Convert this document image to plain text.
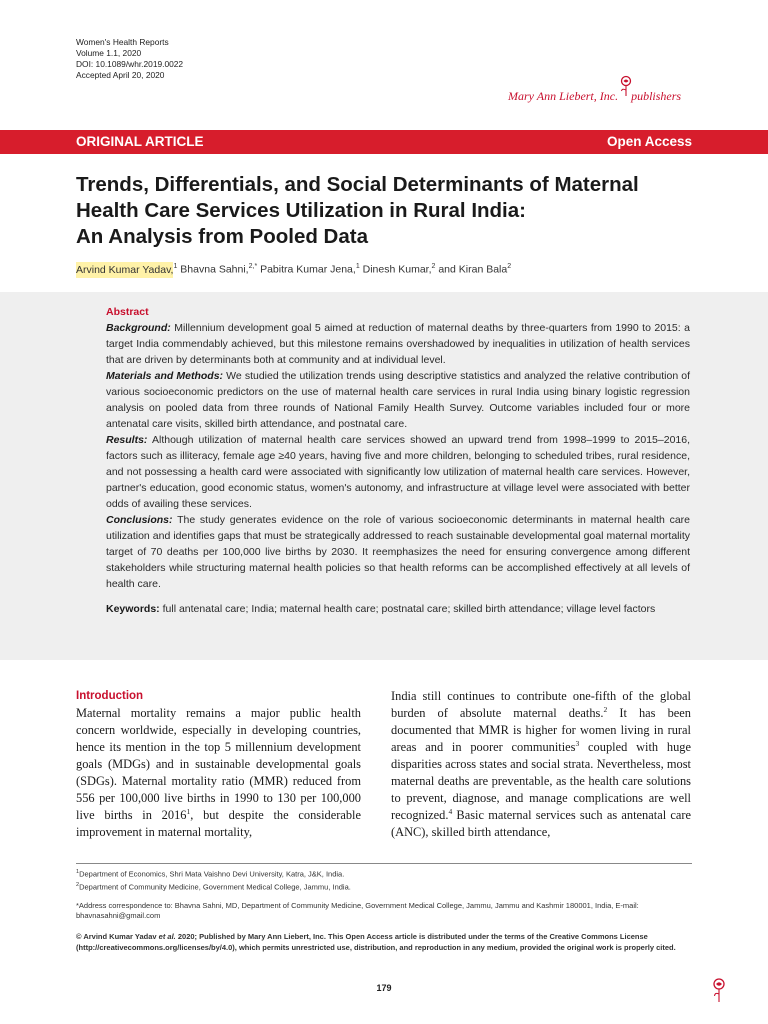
Women's Health Reports
Volume 1.1, 2020
DOI: 10.1089/whr.2019.0022
Accepted April 20, 2020
Mary Ann Liebert, Inc. publishers
ORIGINAL ARTICLE	Open Access
Trends, Differentials, and Social Determinants of Maternal
Health Care Services Utilization in Rural India:
An Analysis from Pooled Data
Arvind Kumar Yadav,$^1$ Bhavna Sahni,$^{2,*}$ Pabitra Kumar Jena,$^1$ Dinesh Kumar,$^2$ and Kiran Bala$^2$
Abstract

Background: Millennium development goal 5 aimed at reduction of maternal deaths by three-quarters from 1990 to 2015: a target India commendably achieved, but this milestone remains overshadowed by inequalities in utilization of health services that are driven by determinants both at community and at individual level.

Materials and Methods: We studied the utilization trends using descriptive statistics and analyzed the relative contribution of various socioeconomic predictors on the use of maternal health care services in rural India using binary logistic regression analysis on pooled data from three rounds of National Family Health Survey. Outcome variables included four or more antenatal care visits, skilled birth attendance, and postnatal care.

Results: Although utilization of maternal health care services showed an upward trend from 1998–1999 to 2015–2016, factors such as illiteracy, female age ≥40 years, having five and more children, belonging to scheduled tribes, rural residence, and not possessing a health card were associated with significantly low utilization of maternal health care services. However, partner's education, good economic status, women's autonomy, and infrastructure at village level were associated with better odds of availing these services.

Conclusions: The study generates evidence on the role of various socioeconomic determinants in maternal health care utilization and identifies gaps that must be strategically addressed to reach sustainable developmental goal maternal mortality target of 70 deaths per 100,000 live births by 2030. It reemphasizes the need for ensuring convergence among different stakeholders while structuring maternal health policies so that health reforms can be accomplished effectively at all levels of health care.

Keywords: full antenatal care; India; maternal health care; postnatal care; skilled birth attendance; village level factors

Introduction

Maternal mortality remains a major public health concern worldwide, especially in developing countries, hence its mention in the top 5 millennium development goals (MDGs) and in sustainable developmental goals (SDGs). Maternal mortality ratio (MMR) reduced from 556 per 100,000 live births in 1990 to 130 per 100,000 live births in 2016$^1$, but despite the considerable improvement in maternal mortality,

India still continues to contribute one-fifth of the global burden of absolute maternal deaths.$^2$ It has been documented that MMR is higher for women living in rural areas and in poorer communities$^3$ coupled with huge disparities across states and social strata. Nevertheless, most maternal deaths are preventable, as the health care solutions to prevent, diagnose, and manage complications are well recognized.$^4$ Basic maternal services such as antenatal care (ANC), skilled birth attendance,

$^1$Department of Economics, Shri Mata Vaishno Devi University, Katra, J&K, India.

$^2$Department of Community Medicine, Government Medical College, Jammu, India.

*Address correspondence to: Bhavna Sahni, MD, Department of Community Medicine, Government Medical College, Jammu, Jammu and Kashmir 180001, India, E-mail: bhavnasahni@gmail.com

© Arvind Kumar Yadav et al. 2020; Published by Mary Ann Liebert, Inc. This Open Access article is distributed under the terms of the Creative Commons License (http://creativecommons.org/licenses/by/4.0), which permits unrestricted use, distribution, and reproduction in any medium, provided the original work is properly cited.

179
